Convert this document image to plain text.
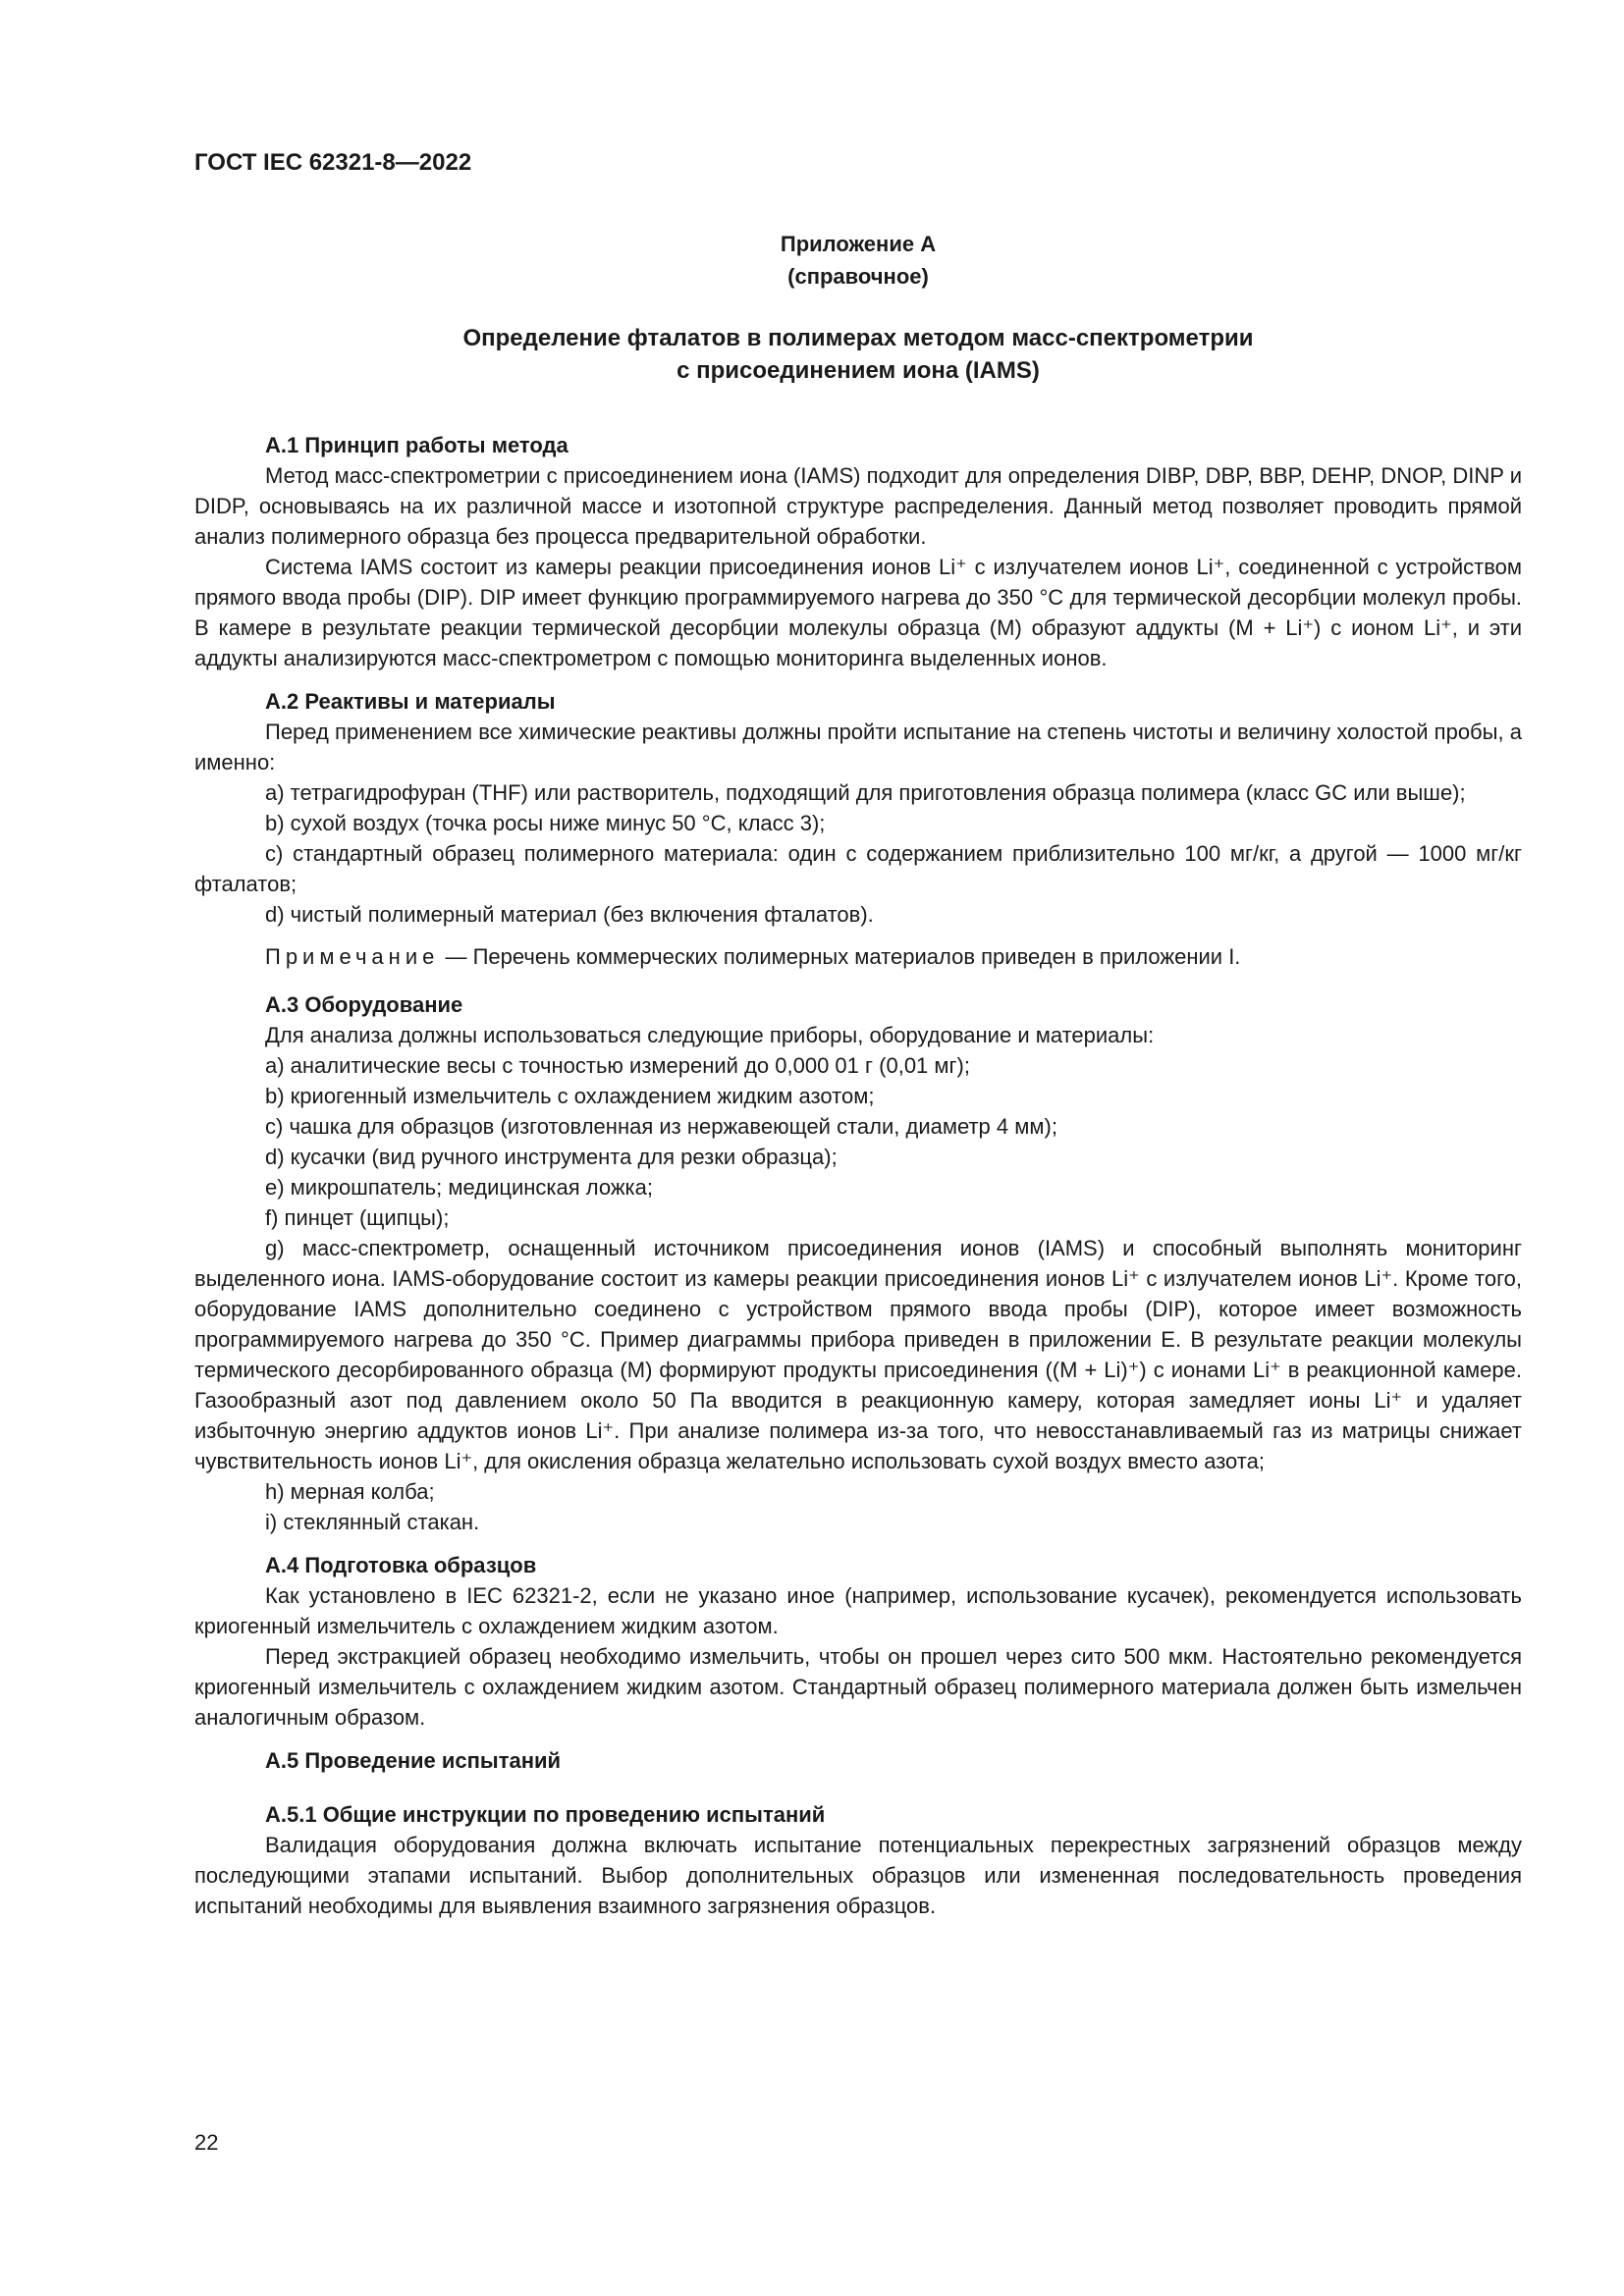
ГОСТ IEC 62321-8—2022
Приложение А
(справочное)
Определение фталатов в полимерах методом масс-спектрометрии
с присоединением иона (IAMS)
А.1 Принцип работы метода

Метод масс-спектрометрии с присоединением иона (IAMS) подходит для определения DIBP, DBP, BBP, DEHP, DNOP, DINP и DIDP, основываясь на их различной массе и изотопной структуре распределения. Данный метод позволяет проводить прямой анализ полимерного образца без процесса предварительной обработки.

Система IAMS состоит из камеры реакции присоединения ионов Li⁺ с излучателем ионов Li⁺, соединенной с устройством прямого ввода пробы (DIP). DIP имеет функцию программируемого нагрева до 350 °С для термической десорбции молекул пробы. В камере в результате реакции термической десорбции молекулы образца (М) образуют аддукты (М + Li⁺) с ионом Li⁺, и эти аддукты анализируются масс-спектрометром с помощью мониторинга выделенных ионов.

А.2 Реактивы и материалы

Перед применением все химические реактивы должны пройти испытание на степень чистоты и величину холостой пробы, а именно:

a) тетрагидрофуран (THF) или растворитель, подходящий для приготовления образца полимера (класс GC или выше);

b) сухой воздух (точка росы ниже минус 50 °С, класс 3);

c) стандартный образец полимерного материала: один с содержанием приблизительно 100 мг/кг, а другой — 1000 мг/кг фталатов;

d) чистый полимерный материал (без включения фталатов).

Примечание — Перечень коммерческих полимерных материалов приведен в приложении I.

А.3 Оборудование

Для анализа должны использоваться следующие приборы, оборудование и материалы:

a) аналитические весы с точностью измерений до 0,000 01 г (0,01 мг);

b) криогенный измельчитель с охлаждением жидким азотом;

c) чашка для образцов (изготовленная из нержавеющей стали, диаметр 4 мм);

d) кусачки (вид ручного инструмента для резки образца);

e) микрошпатель; медицинская ложка;

f) пинцет (щипцы);

g) масс-спектрометр, оснащенный источником присоединения ионов (IAMS) и способный выполнять мониторинг выделенного иона. IAMS-оборудование состоит из камеры реакции присоединения ионов Li⁺ с излучателем ионов Li⁺. Кроме того, оборудование IAMS дополнительно соединено с устройством прямого ввода пробы (DIP), которое имеет возможность программируемого нагрева до 350 °С. Пример диаграммы прибора приведен в приложении Е. В результате реакции молекулы термического десорбированного образца (М) формируют продукты присоединения ((М + Li)⁺) с ионами Li⁺ в реакционной камере. Газообразный азот под давлением около 50 Па вводится в реакционную камеру, которая замедляет ионы Li⁺ и удаляет избыточную энергию аддуктов ионов Li⁺. При анализе полимера из-за того, что невосстанавливаемый газ из матрицы снижает чувствительность ионов Li⁺, для окисления образца желательно использовать сухой воздух вместо азота;

h) мерная колба;

i) стеклянный стакан.

А.4 Подготовка образцов

Как установлено в IEC 62321-2, если не указано иное (например, использование кусачек), рекомендуется использовать криогенный измельчитель с охлаждением жидким азотом.

Перед экстракцией образец необходимо измельчить, чтобы он прошел через сито 500 мкм. Настоятельно рекомендуется криогенный измельчитель с охлаждением жидким азотом. Стандартный образец полимерного материала должен быть измельчен аналогичным образом.

А.5 Проведение испытаний
А.5.1 Общие инструкции по проведению испытаний

Валидация оборудования должна включать испытание потенциальных перекрестных загрязнений образцов между последующими этапами испытаний. Выбор дополнительных образцов или измененная последовательность проведения испытаний необходимы для выявления взаимного загрязнения образцов.

22
